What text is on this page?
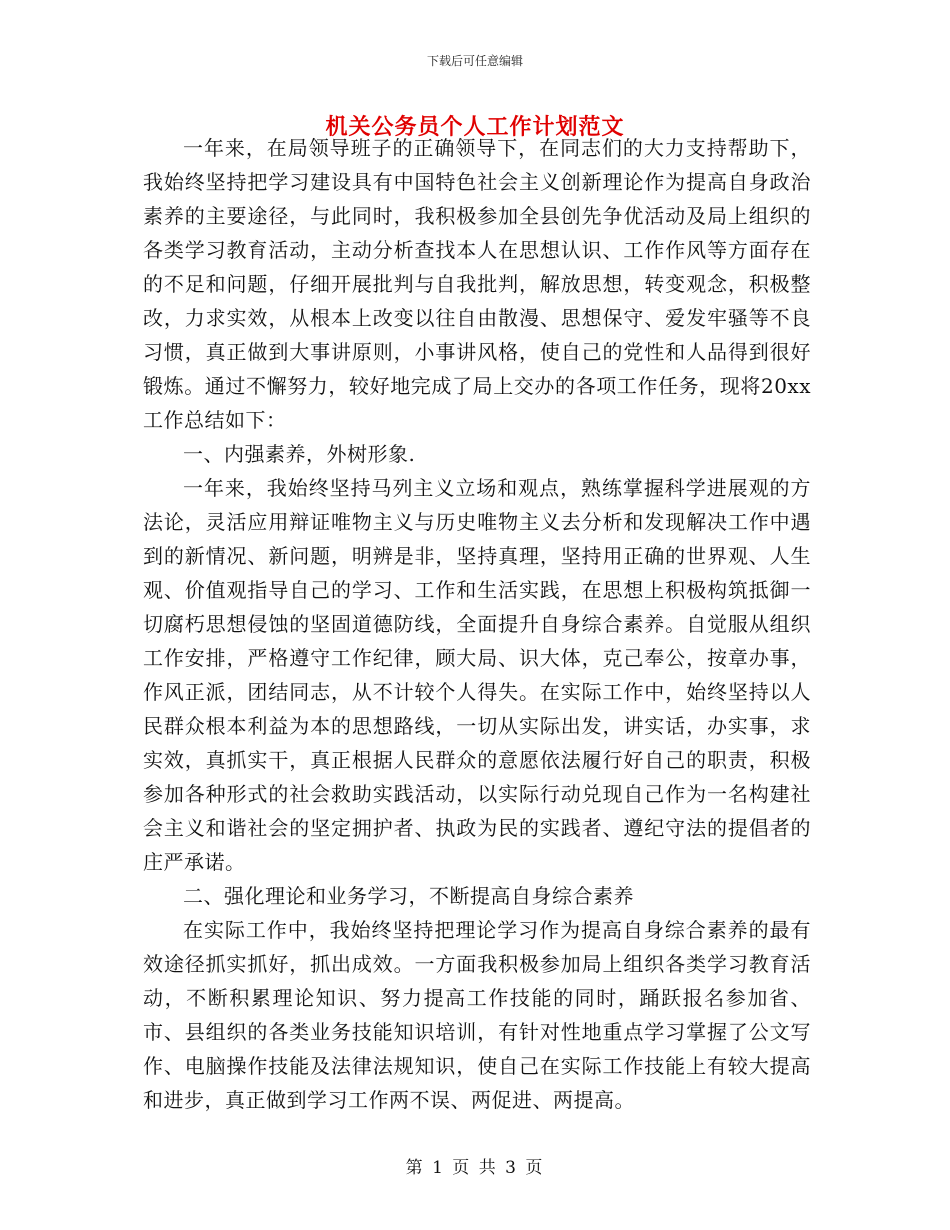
下载后可任意编辑
机关公务员个人工作计划范文

一年来，在局领导班子的正确领导下，在同志们的大力支持帮助下，我始终坚持把学习建设具有中国特色社会主义创新理论作为提高自身政治素养的主要途径，与此同时，我积极参加全县创先争优活动及局上组织的各类学习教育活动，主动分析查找本人在思想认识、工作作风等方面存在的不足和问题，仔细开展批判与自我批判，解放思想，转变观念，积极整改，力求实效，从根本上改变以往自由散漫、思想保守、爱发牢骚等不良习惯，真正做到大事讲原则，小事讲风格，使自己的党性和人品得到很好锻炼。通过不懈努力，较好地完成了局上交办的各项工作任务，现将20xx工作总结如下：

一、内强素养，外树形象.

一年来，我始终坚持马列主义立场和观点，熟练掌握科学进展观的方法论，灵活应用辩证唯物主义与历史唯物主义去分析和发现解决工作中遇到的新情况、新问题，明辨是非，坚持真理，坚持用正确的世界观、人生观、价值观指导自己的学习、工作和生活实践，在思想上积极构筑抵御一切腐朽思想侵蚀的坚固道德防线，全面提升自身综合素养。自觉服从组织工作安排，严格遵守工作纪律，顾大局、识大体，克己奉公，按章办事，作风正派，团结同志，从不计较个人得失。在实际工作中，始终坚持以人民群众根本利益为本的思想路线，一切从实际出发，讲实话，办实事，求实效，真抓实干，真正根据人民群众的意愿依法履行好自己的职责，积极参加各种形式的社会救助实践活动，以实际行动兑现自己作为一名构建社会主义和谐社会的坚定拥护者、执政为民的实践者、遵纪守法的提倡者的庄严承诺。

二、强化理论和业务学习，不断提高自身综合素养

在实际工作中，我始终坚持把理论学习作为提高自身综合素养的最有效途径抓实抓好，抓出成效。一方面我积极参加局上组织各类学习教育活动，不断积累理论知识、努力提高工作技能的同时，踊跃报名参加省、市、县组织的各类业务技能知识培训，有针对性地重点学习掌握了公文写作、电脑操作技能及法律法规知识，使自己在实际工作技能上有较大提高和进步，真正做到学习工作两不误、两促进、两提高。

第 1 页 共 3 页
